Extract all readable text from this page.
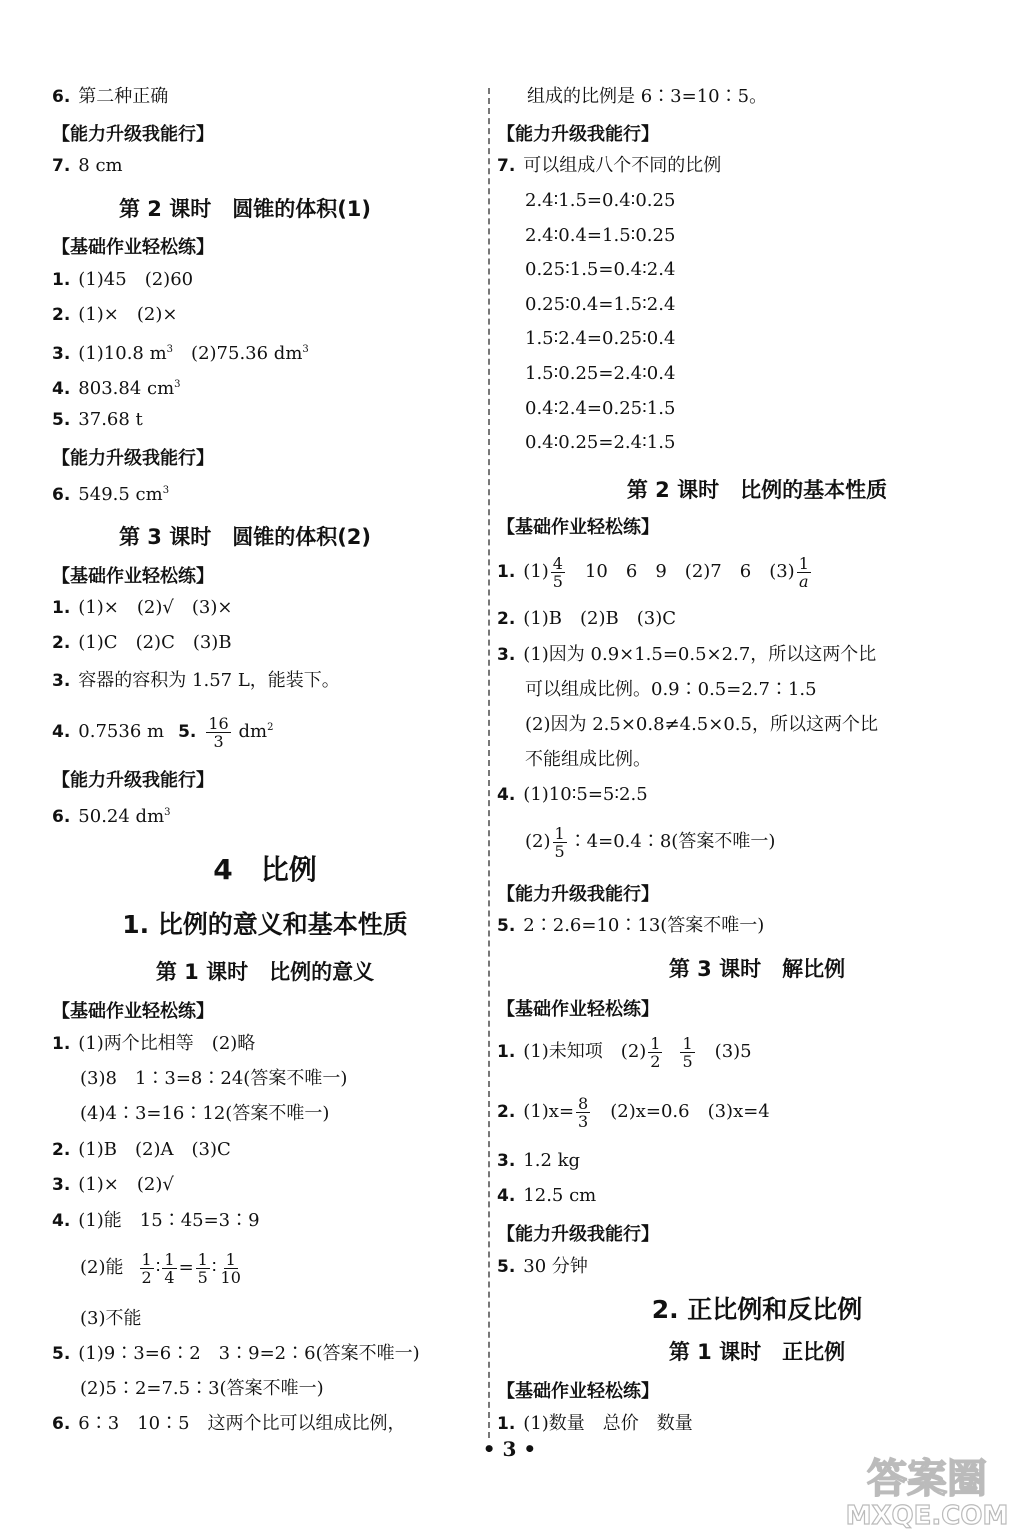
6. 第二种正确
【能力升级我能行】
7. 8 cm
第 2 课时　圆锥的体积(1)
【基础作业轻松练】
1. (1)45　(2)60
2. (1)×　(2)×
3. (1)10.8 $m^3$　(2)75.36 $dm^3$
4. 803.84 $cm^3$
5. 37.68 t
【能力升级我能行】
6. 549.5 $cm^3$
第 3 课时　圆锥的体积(2)
【基础作业轻松练】
1. (1)×　(2)√　(3)×
2. (1)C　(2)C　(3)B
3. 容器的容积为 1.57 L，能装下。
4. 0.7536 m 5. $\frac{16}{3} dm^2$
【能力升级我能行】
6. 50.24 $dm^3$
4　比例
1. 比例的意义和基本性质
第 1 课时　比例的意义
【基础作业轻松练】
1. (1)两个比相等　(2)略
(3)8　1∶3=8∶24(答案不唯一)
(4)4∶3=16∶12(答案不唯一)
2. (1)B　(2)A　(3)C
3. (1)×　(2)√
4. (1)能　15∶45=3∶9
(2)能 $\frac{1}{2}$ ∶ $\frac{1}{4} = \frac{1}{5}$ ∶ $\frac{1}{10}$
(3)不能
5. (1)9∶3=6∶2　3∶9=2∶6(答案不唯一)
(2)5∶2=7.5∶3(答案不唯一)
6. 6∶3　10∶5　这两个比可以组成比例，
组成的比例是 6∶3=10∶5。
【能力升级我能行】
7. 可以组成八个不同的比例
2.4∶1.5=0.4∶0.25
2.4∶0.4=1.5∶0.25
0.25∶1.5=0.4∶2.4
0.25∶0.4=1.5∶2.4
1.5∶2.4=0.25∶0.4
1.5∶0.25=2.4∶0.4
0.4∶2.4=0.25∶1.5
0.4∶0.25=2.4∶1.5
第 2 课时　比例的基本性质
【基础作业轻松练】
1. $(1) \frac{4}{5}$ 　10　6　9　(2)7　6　$(3) \frac{1}{a}$
2. (1)B　(2)B　(3)C
3. (1)因为 0.9×1.5=0.5×2.7，所以这两个比
可以组成比例。0.9∶0.5=2.7∶1.5
(2)因为 2.5×0.8≠4.5×0.5，所以这两个比
不能组成比例。
4. (1)10∶5=5∶2.5
$(2) \frac{1}{5}$ ∶4=0.4∶8(答案不唯一)
【能力升级我能行】
5. 2∶2.6=10∶13(答案不唯一)
第 3 课时　解比例
【基础作业轻松练】
1. (1)未知项　$(2) \frac{1}{2} \frac{1}{5}$ 　(3)5
2. $(1)x= \frac{8}{3}$ 　(2)x=0.6　(3)x=4
3. 1.2 kg
4. 12.5 cm
【能力升级我能行】
5. 30 分钟
2. 正比例和反比例
第 1 课时　正比例
【基础作业轻松练】
1. (1)数量　总价　数量
• 3 •
答案圈
MXQE.COM
